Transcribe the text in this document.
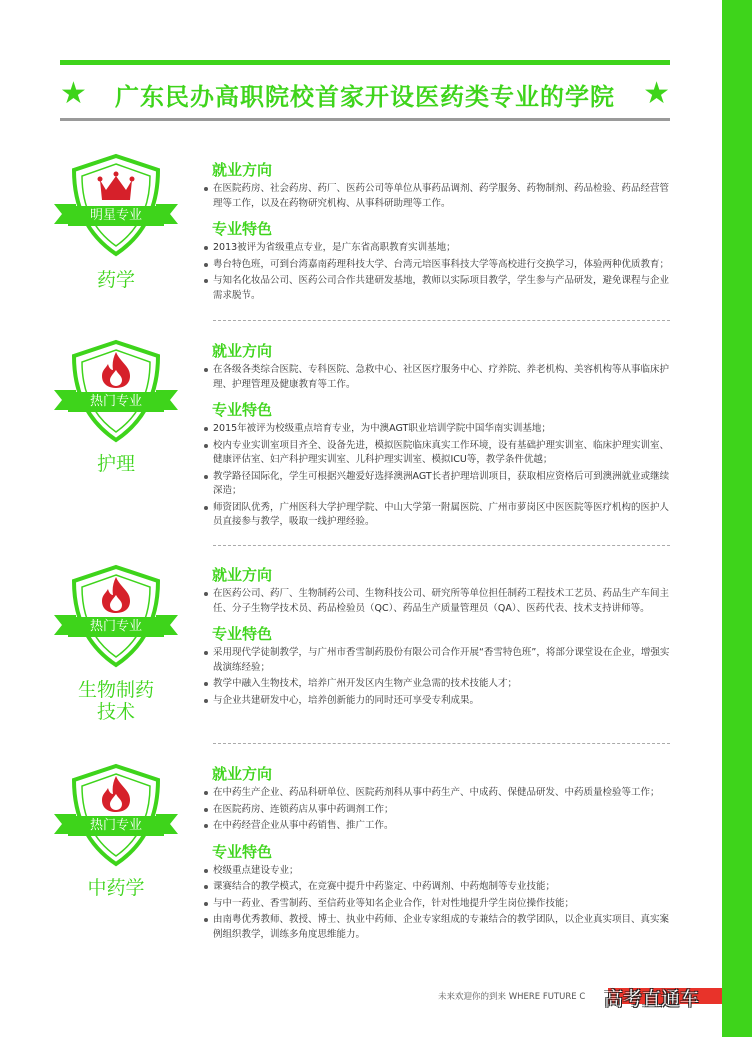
★ 广东民办高职院校首家开设医药类专业的学院 ★
明星专业
药学
就业方向
在医院药房、社会药房、药厂、医药公司等单位从事药品调剂、药学服务、药物制剂、药品检验、药品经营管理等工作，以及在药物研究机构、从事科研助理等工作。
专业特色
2013被评为省级重点专业，是广东省高职教育实训基地；
粤台特色班，可到台湾嘉南药理科技大学、台湾元培医事科技大学等高校进行交换学习，体验两种优质教育；
与知名化妆品公司、医药公司合作共建研发基地，教师以实际项目教学，学生参与产品研发，避免课程与企业需求脱节。
热门专业
护理
就业方向
在各级各类综合医院、专科医院、急救中心、社区医疗服务中心、疗养院、养老机构、美容机构等从事临床护理、护理管理及健康教育等工作。
专业特色
2015年被评为校级重点培育专业，为中澳AGT职业培训学院中国华南实训基地；
校内专业实训室项目齐全、设备先进，模拟医院临床真实工作环境，设有基础护理实训室、临床护理实训室、健康评估室、妇产科护理实训室、儿科护理实训室、模拟ICU等，教学条件优越；
教学路径国际化，学生可根据兴趣爱好选择澳洲AGT长者护理培训项目，获取相应资格后可到澳洲就业或继续深造；
师资团队优秀，广州医科大学护理学院、中山大学第一附属医院、广州市萝岗区中医医院等医疗机构的医护人员直接参与教学，吸取一线护理经验。
热门专业
生物制药
技术
就业方向
在医药公司、药厂、生物制药公司、生物科技公司、研究所等单位担任制药工程技术工艺员、药品生产车间主任、分子生物学技术员、药品检验员（QC）、药品生产质量管理员（QA）、医药代表、技术支持讲师等。
专业特色
采用现代学徒制教学，与广州市香雪制药股份有限公司合作开展“香雪特色班”，将部分课堂设在企业，增强实战演练经验；
教学中融入生物技术，培养广州开发区内生物产业急需的技术技能人才；
与企业共建研发中心，培养创新能力的同时还可享受专利成果。
热门专业
中药学
就业方向
在中药生产企业、药品科研单位、医院药剂科从事中药生产、中成药、保健品研发、中药质量检验等工作；
在医院药房、连锁药店从事中药调剂工作；
在中药经营企业从事中药销售、推广工作。
专业特色
校级重点建设专业；
课赛结合的教学模式，在竞赛中提升中药鉴定、中药调剂、中药炮制等专业技能；
与中一药业、香雪制药、至信药业等知名企业合作，针对性地提升学生岗位操作技能；
由南粤优秀教师、教授、博士、执业中药师、企业专家组成的专兼结合的教学团队，以企业真实项目、真实案例组织教学，训练多角度思维能力。
未来欢迎你的到来 WHERE FUTURE C 高考直通车
